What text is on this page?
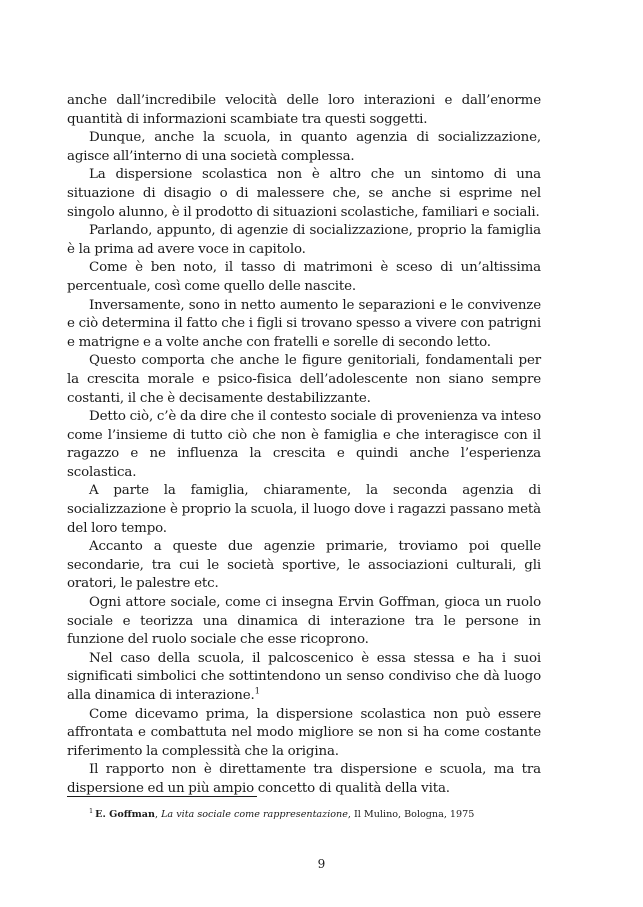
anche dall’incredibile velocità delle loro interazioni e dall’enorme quantità di informazioni scambiate tra questi soggetti.

Dunque, anche la scuola, in quanto agenzia di socializzazione, agisce all’interno di una società complessa.

La dispersione scolastica non è altro che un sintomo di una situazione di disagio o di malessere che, se anche si esprime nel singolo alunno, è il prodotto di situazioni scolastiche, familiari e sociali.

Parlando, appunto, di agenzie di socializzazione, proprio la famiglia è la prima ad avere voce in capitolo.

Come è ben noto, il tasso di matrimoni è sceso di un’altissima percentuale, così come quello delle nascite.

Inversamente, sono in netto aumento le separazioni e le convivenze e ciò determina il fatto che i figli si trovano spesso a vivere con patrigni e matrigne e a volte anche con fratelli e sorelle di secondo letto.

Questo comporta che anche le figure genitoriali, fondamentali per la crescita morale e psico-fisica dell’adolescente non siano sempre costanti, il che è decisamente destabilizzante.

Detto ciò, c’è da dire che il contesto sociale di provenienza va inteso come l’insieme di tutto ciò che non è famiglia e che interagisce con il ragazzo e ne influenza la crescita e quindi anche l’esperienza scolastica.

A parte la famiglia, chiaramente, la seconda agenzia di socializzazione è proprio la scuola, il luogo dove i ragazzi passano metà del loro tempo.

Accanto a queste due agenzie primarie, troviamo poi quelle secondarie, tra cui le società sportive, le associazioni culturali, gli oratori, le palestre etc.

Ogni attore sociale, come ci insegna Ervin Goffman, gioca un ruolo sociale e teorizza una dinamica di interazione tra le persone in funzione del ruolo sociale che esse ricoprono.

Nel caso della scuola, il palcoscenico è essa stessa e ha i suoi significati simbolici che sottintendono un senso condiviso che dà luogo alla dinamica di interazione.$^1$

Come dicevamo prima, la dispersione scolastica non può essere affrontata e combattuta nel modo migliore se non si ha come costante riferimento la complessità che la origina.

Il rapporto non è direttamente tra dispersione e scuola, ma tra dispersione ed un più ampio concetto di qualità della vita.

$^1$ E. Goffman, La vita sociale come rappresentazione, Il Mulino, Bologna, 1975
9
